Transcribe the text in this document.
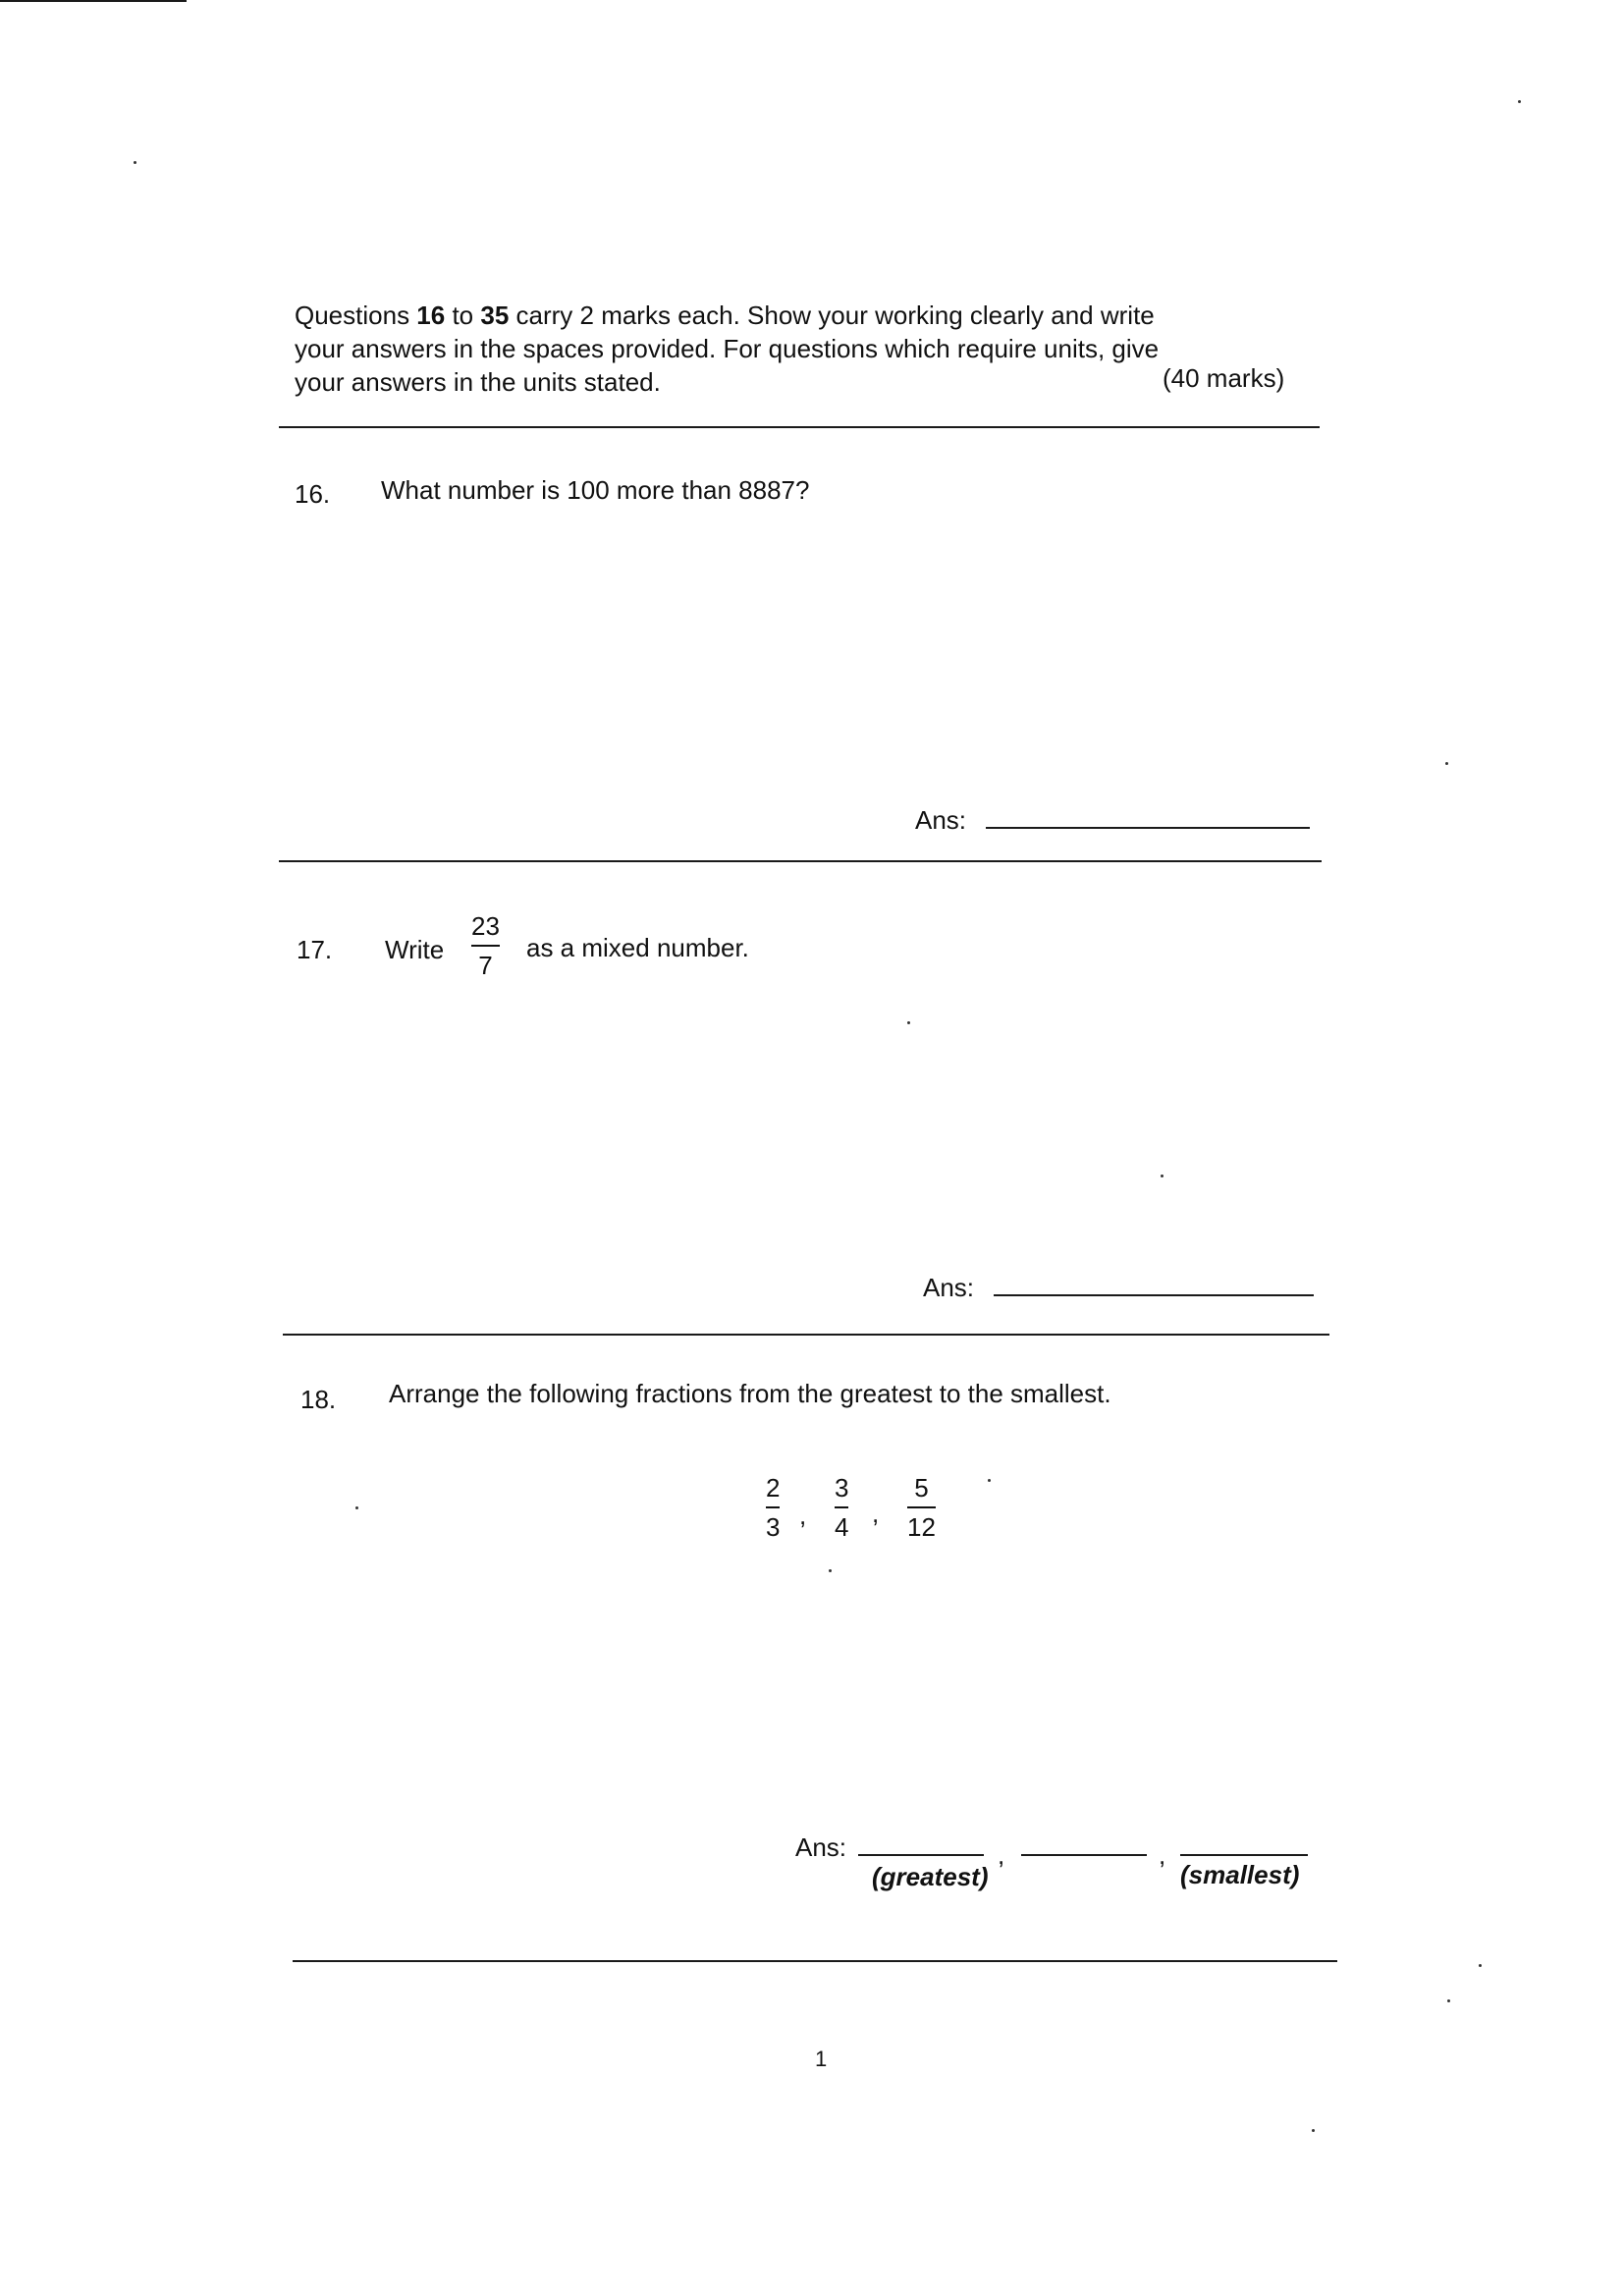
Questions 16 to 35 carry 2 marks each. Show your working clearly and write
your answers in the spaces provided. For questions which require units, give
your answers in the units stated.	(40 marks)
16. What number is 100 more than 8887?
Ans:
17. Write
23
7
as a mixed number.
Ans:
18. Arrange the following fractions from the greatest to the smallest.
2
3 ,
3
4 ,
5
12
Ans:	,	,
(greatest)	(smallest)
1
